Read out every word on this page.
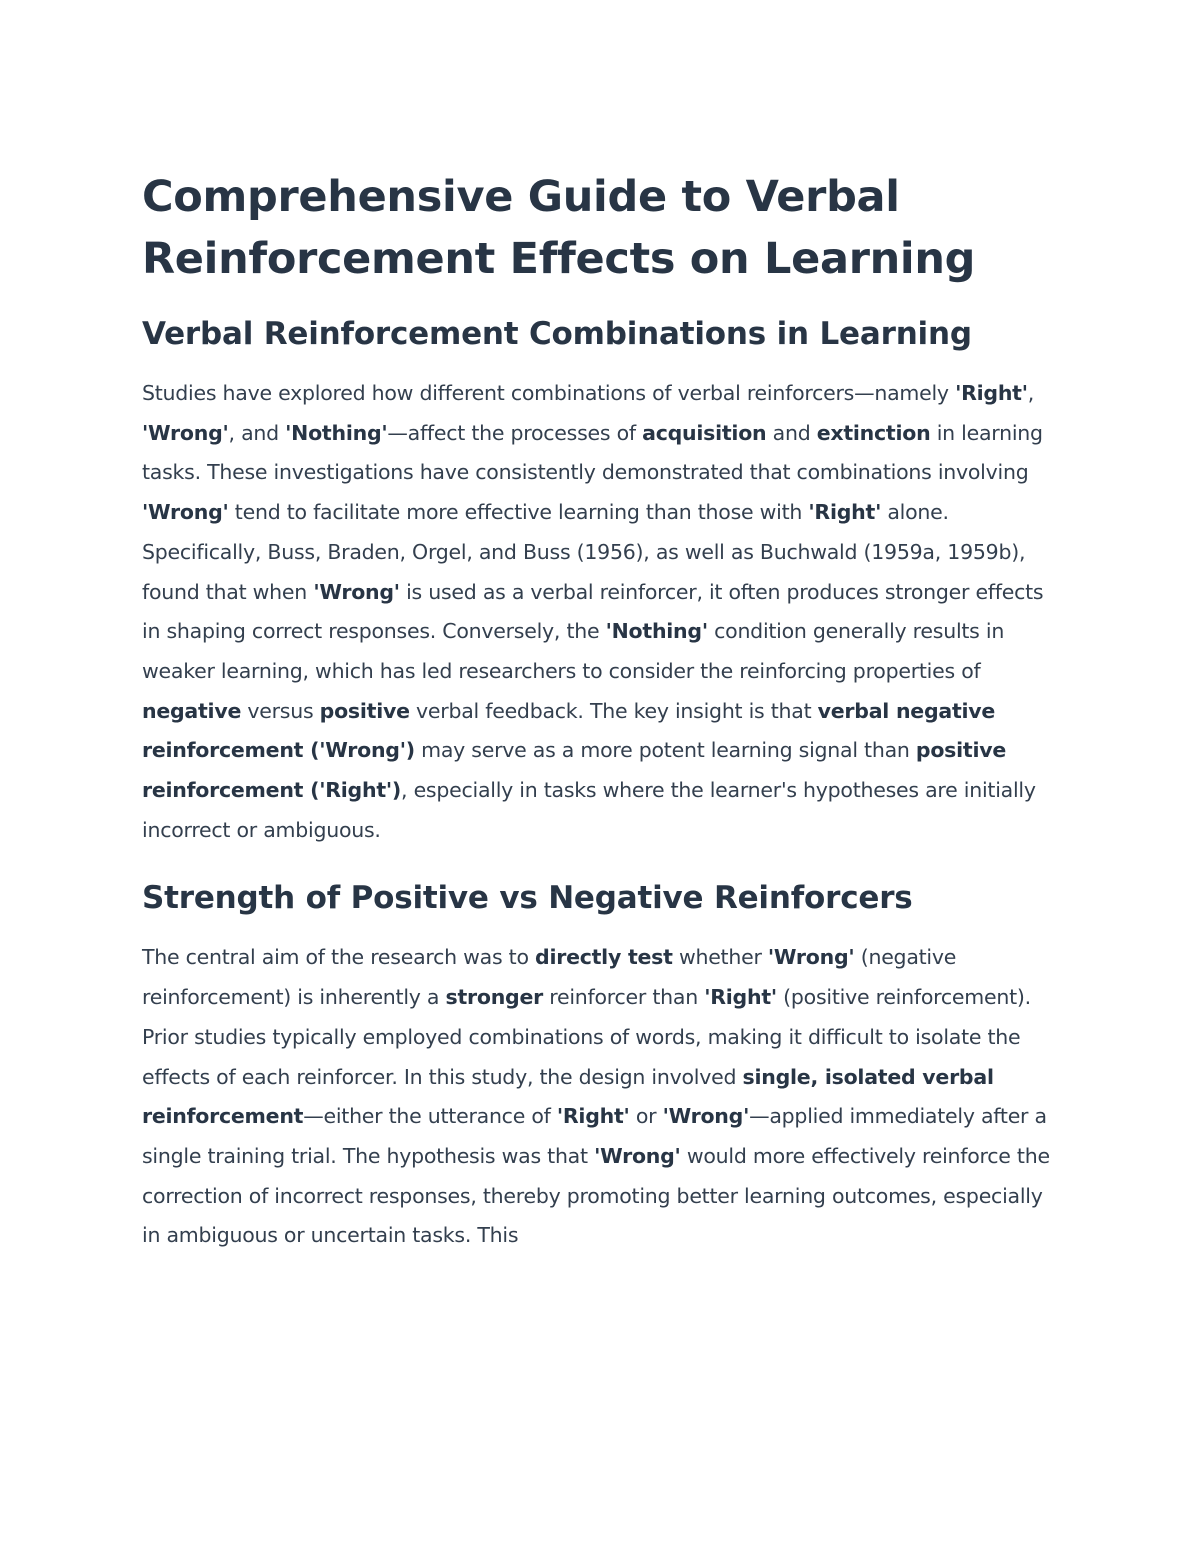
Comprehensive Guide to Verbal Reinforcement Effects on Learning
Verbal Reinforcement Combinations in Learning

Studies have explored how different combinations of verbal reinforcers—namely 'Right', 'Wrong', and 'Nothing'—affect the processes of acquisition and extinction in learning tasks. These investigations have consistently demonstrated that combinations involving 'Wrong' tend to facilitate more effective learning than those with 'Right' alone. Specifically, Buss, Braden, Orgel, and Buss (1956), as well as Buchwald (1959a, 1959b), found that when 'Wrong' is used as a verbal reinforcer, it often produces stronger effects in shaping correct responses. Conversely, the 'Nothing' condition generally results in weaker learning, which has led researchers to consider the reinforcing properties of negative versus positive verbal feedback. The key insight is that verbal negative reinforcement ('Wrong') may serve as a more potent learning signal than positive reinforcement ('Right'), especially in tasks where the learner's hypotheses are initially incorrect or ambiguous.

Strength of Positive vs Negative Reinforcers

The central aim of the research was to directly test whether 'Wrong' (negative reinforcement) is inherently a stronger reinforcer than 'Right' (positive reinforcement). Prior studies typically employed combinations of words, making it difficult to isolate the effects of each reinforcer. In this study, the design involved single, isolated verbal reinforcement—either the utterance of 'Right' or 'Wrong'—applied immediately after a single training trial. The hypothesis was that 'Wrong' would more effectively reinforce the correction of incorrect responses, thereby promoting better learning outcomes, especially in ambiguous or uncertain tasks. This
